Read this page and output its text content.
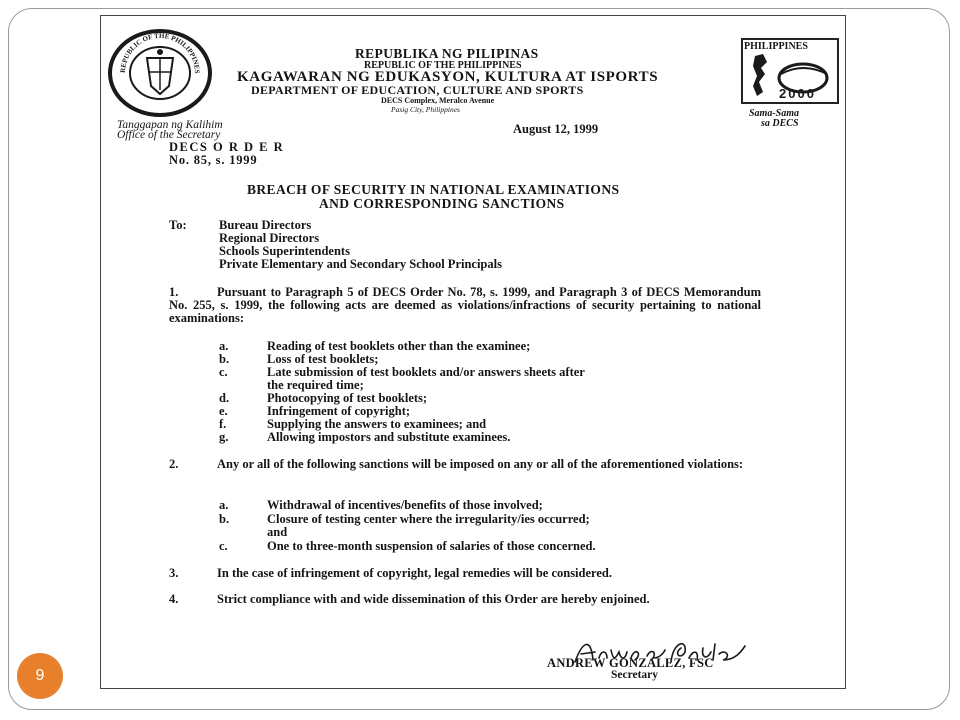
REPUBLIC OF THE PHILIPPINES
REPUBLIKA NG PILIPINAS
REPUBLIC OF THE PHILIPPINES
KAGAWARAN NG EDUKASYON, KULTURA AT ISPORTS
DEPARTMENT OF EDUCATION, CULTURE AND SPORTS
DECS Complex, Meralco Avenue
Pasig City, Philippines
PHILIPPINES
2000
Sama-Sama
sa DECS
Tanggapan ng Kalihim
Office of the Secretary	August 12, 1999
DECS O R D E R
No. 85, s. 1999
BREACH OF SECURITY IN NATIONAL EXAMINATIONS
AND CORRESPONDING SANCTIONS
To:	Bureau Directors
Regional Directors
Schools Superintendents
Private Elementary and Secondary School Principals
1.	Pursuant to Paragraph 5 of DECS Order No. 78, s. 1999, and Paragraph 3 of DECS Memorandum No. 255, s. 1999, the following acts are deemed as violations/infractions of security pertaining to national examinations:
a.	Reading of test booklets other than the examinee;
b.	Loss of test booklets;
c.	Late submission of test booklets and/or answers sheets after
the required time;
d.	Photocopying of test booklets;
e.	Infringement of copyright;
f.	Supplying the answers to examinees; and
g.	Allowing impostors and substitute examinees.
2.	Any or all of the following sanctions will be imposed on any or all of the aforementioned violations:
a.	Withdrawal of incentives/benefits of those involved;
b.	Closure of testing center where the irregularity/ies occurred;
and
c.	One to three-month suspension of salaries of those concerned.
3.	In the case of infringement of copyright, legal remedies will be considered.
4.	Strict compliance with and wide dissemination of this Order are hereby enjoined.
ANDREW GONZALEZ, FSC
Secretary
9
